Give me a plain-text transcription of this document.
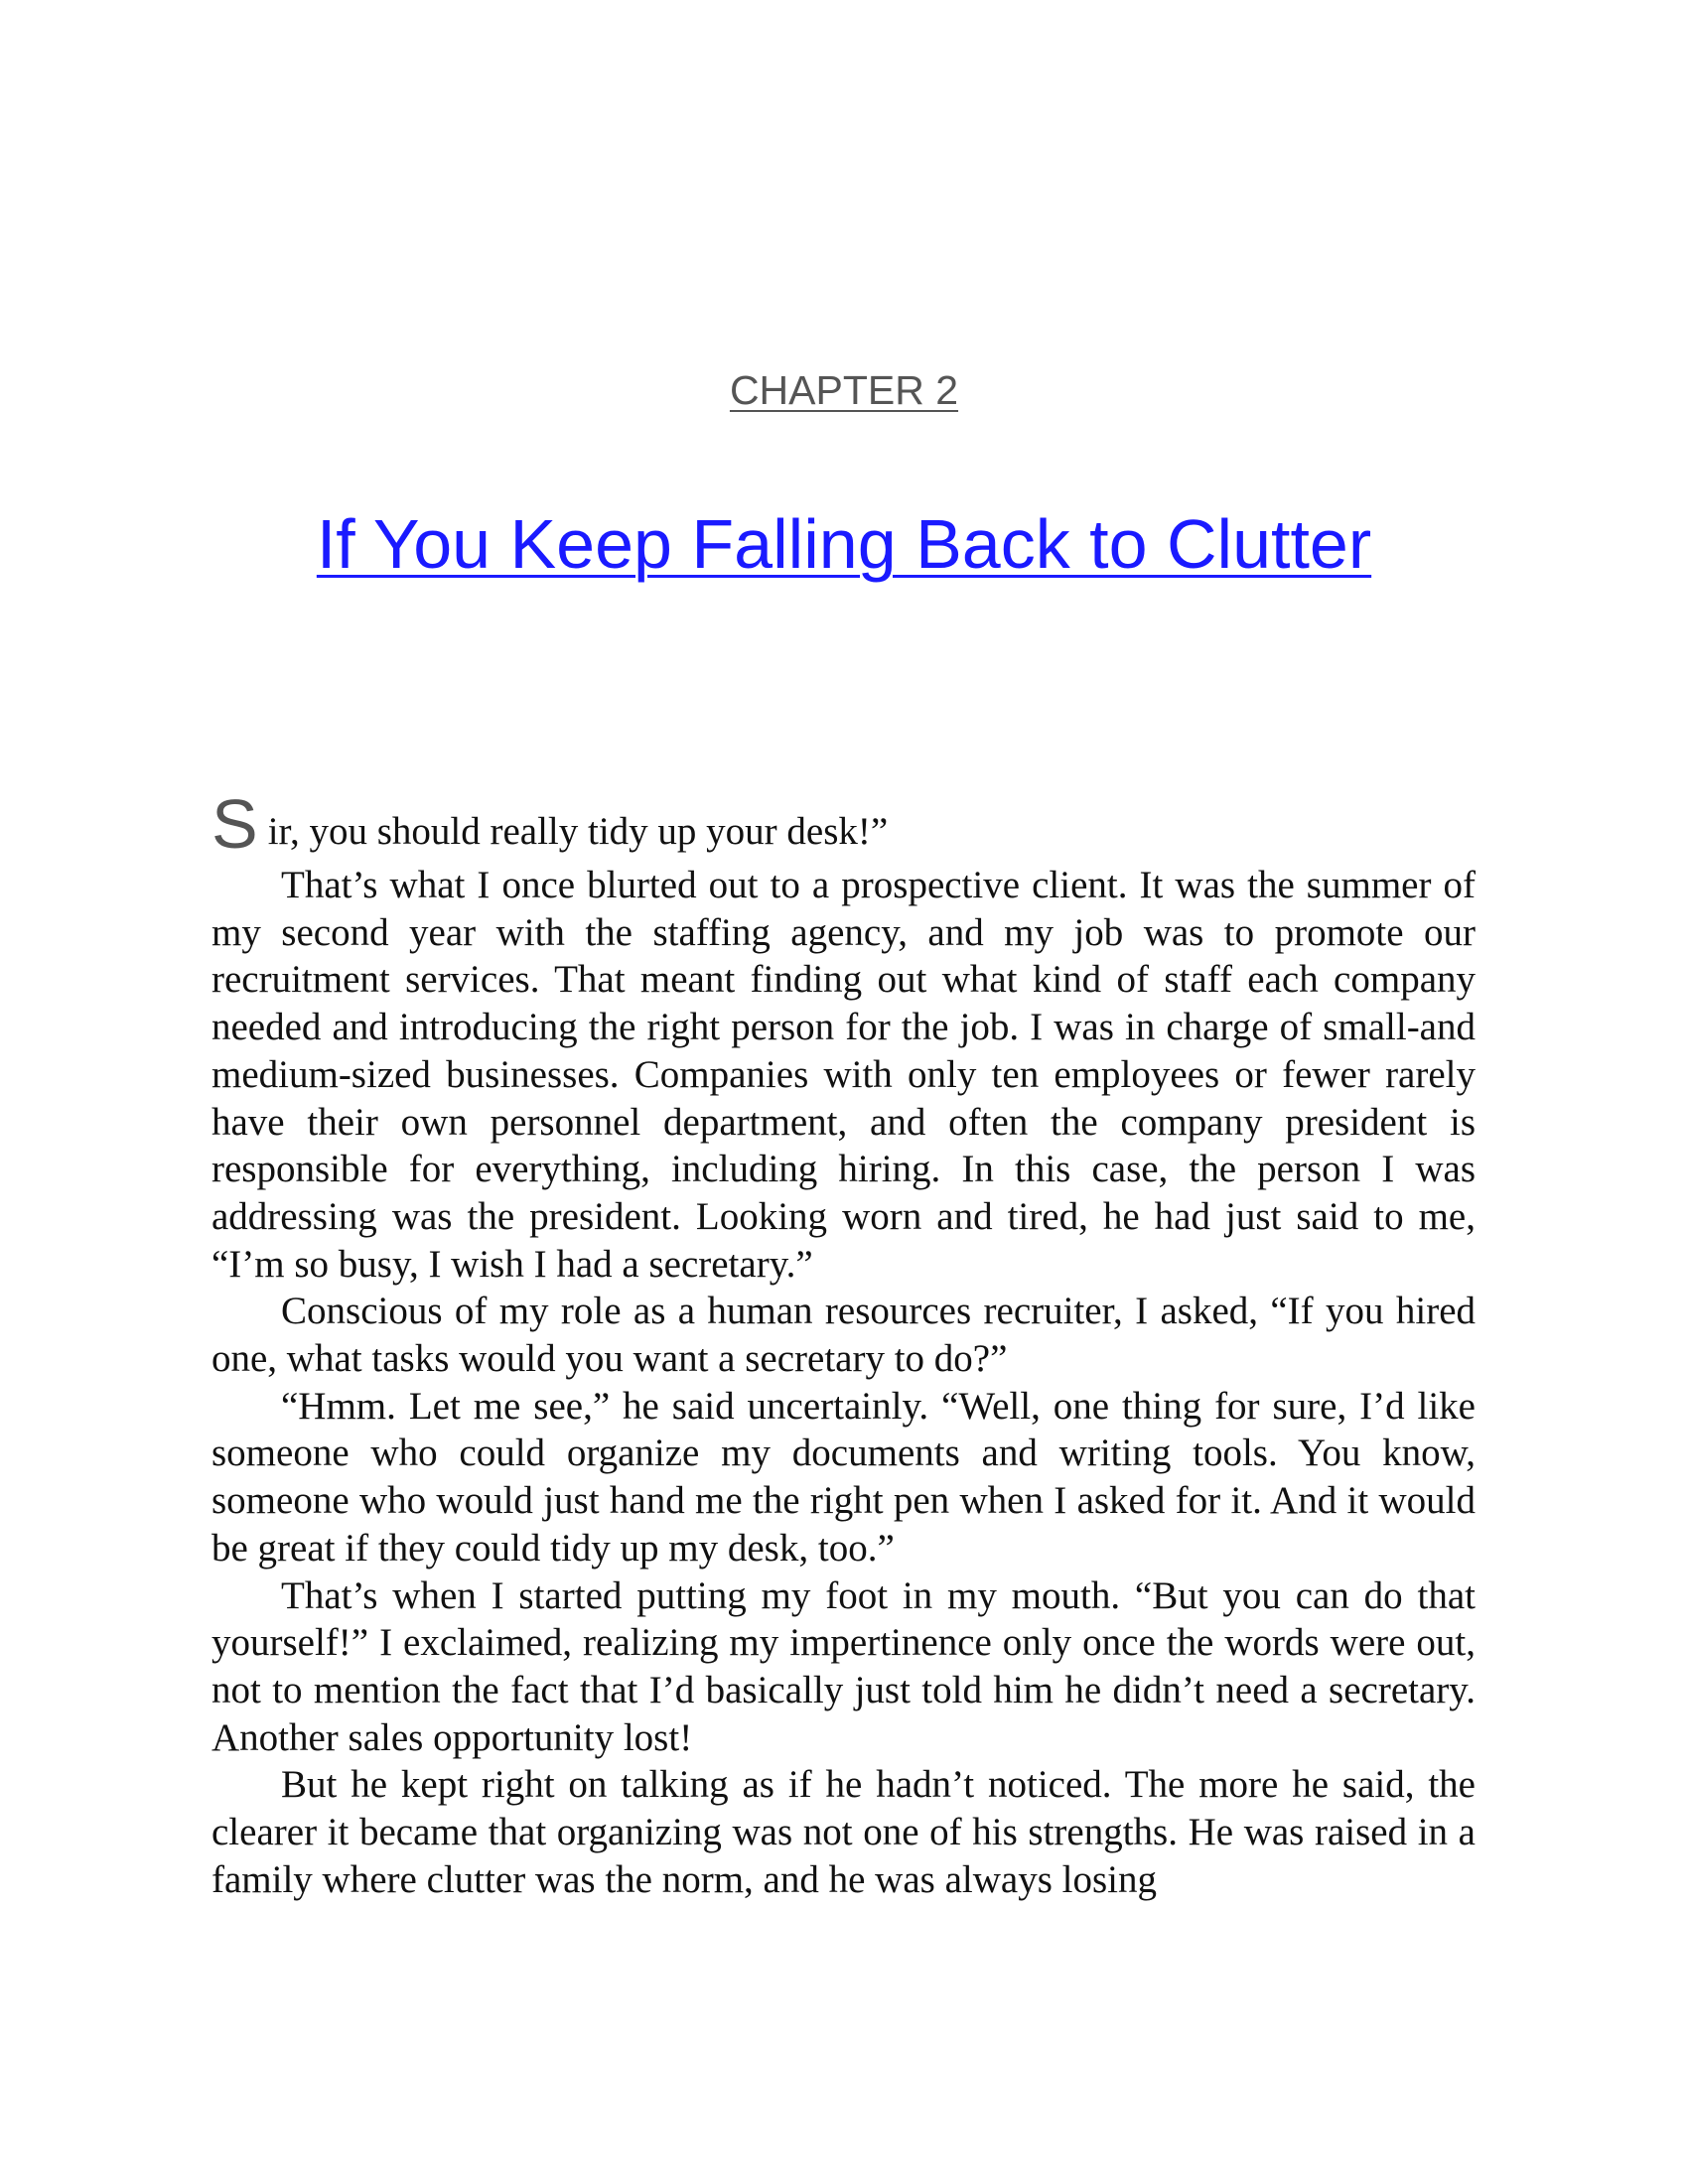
CHAPTER 2
If You Keep Falling Back to Clutter

Sir, you should really tidy up your desk!”

That’s what I once blurted out to a prospective client. It was the summer of my second year with the staffing agency, and my job was to promote our recruitment services. That meant finding out what kind of staff each company needed and introducing the right person for the job. I was in charge of small-and medium-sized businesses. Companies with only ten employees or fewer rarely have their own personnel department, and often the company president is responsible for everything, including hiring. In this case, the person I was addressing was the president. Looking worn and tired, he had just said to me, “I’m so busy, I wish I had a secretary.”

Conscious of my role as a human resources recruiter, I asked, “If you hired one, what tasks would you want a secretary to do?”

“Hmm. Let me see,” he said uncertainly. “Well, one thing for sure, I’d like someone who could organize my documents and writing tools. You know, someone who would just hand me the right pen when I asked for it. And it would be great if they could tidy up my desk, too.”

That’s when I started putting my foot in my mouth. “But you can do that yourself!” I exclaimed, realizing my impertinence only once the words were out, not to mention the fact that I’d basically just told him he didn’t need a secretary. Another sales opportunity lost!

But he kept right on talking as if he hadn’t noticed. The more he said, the clearer it became that organizing was not one of his strengths. He was raised in a family where clutter was the norm, and he was always losing
